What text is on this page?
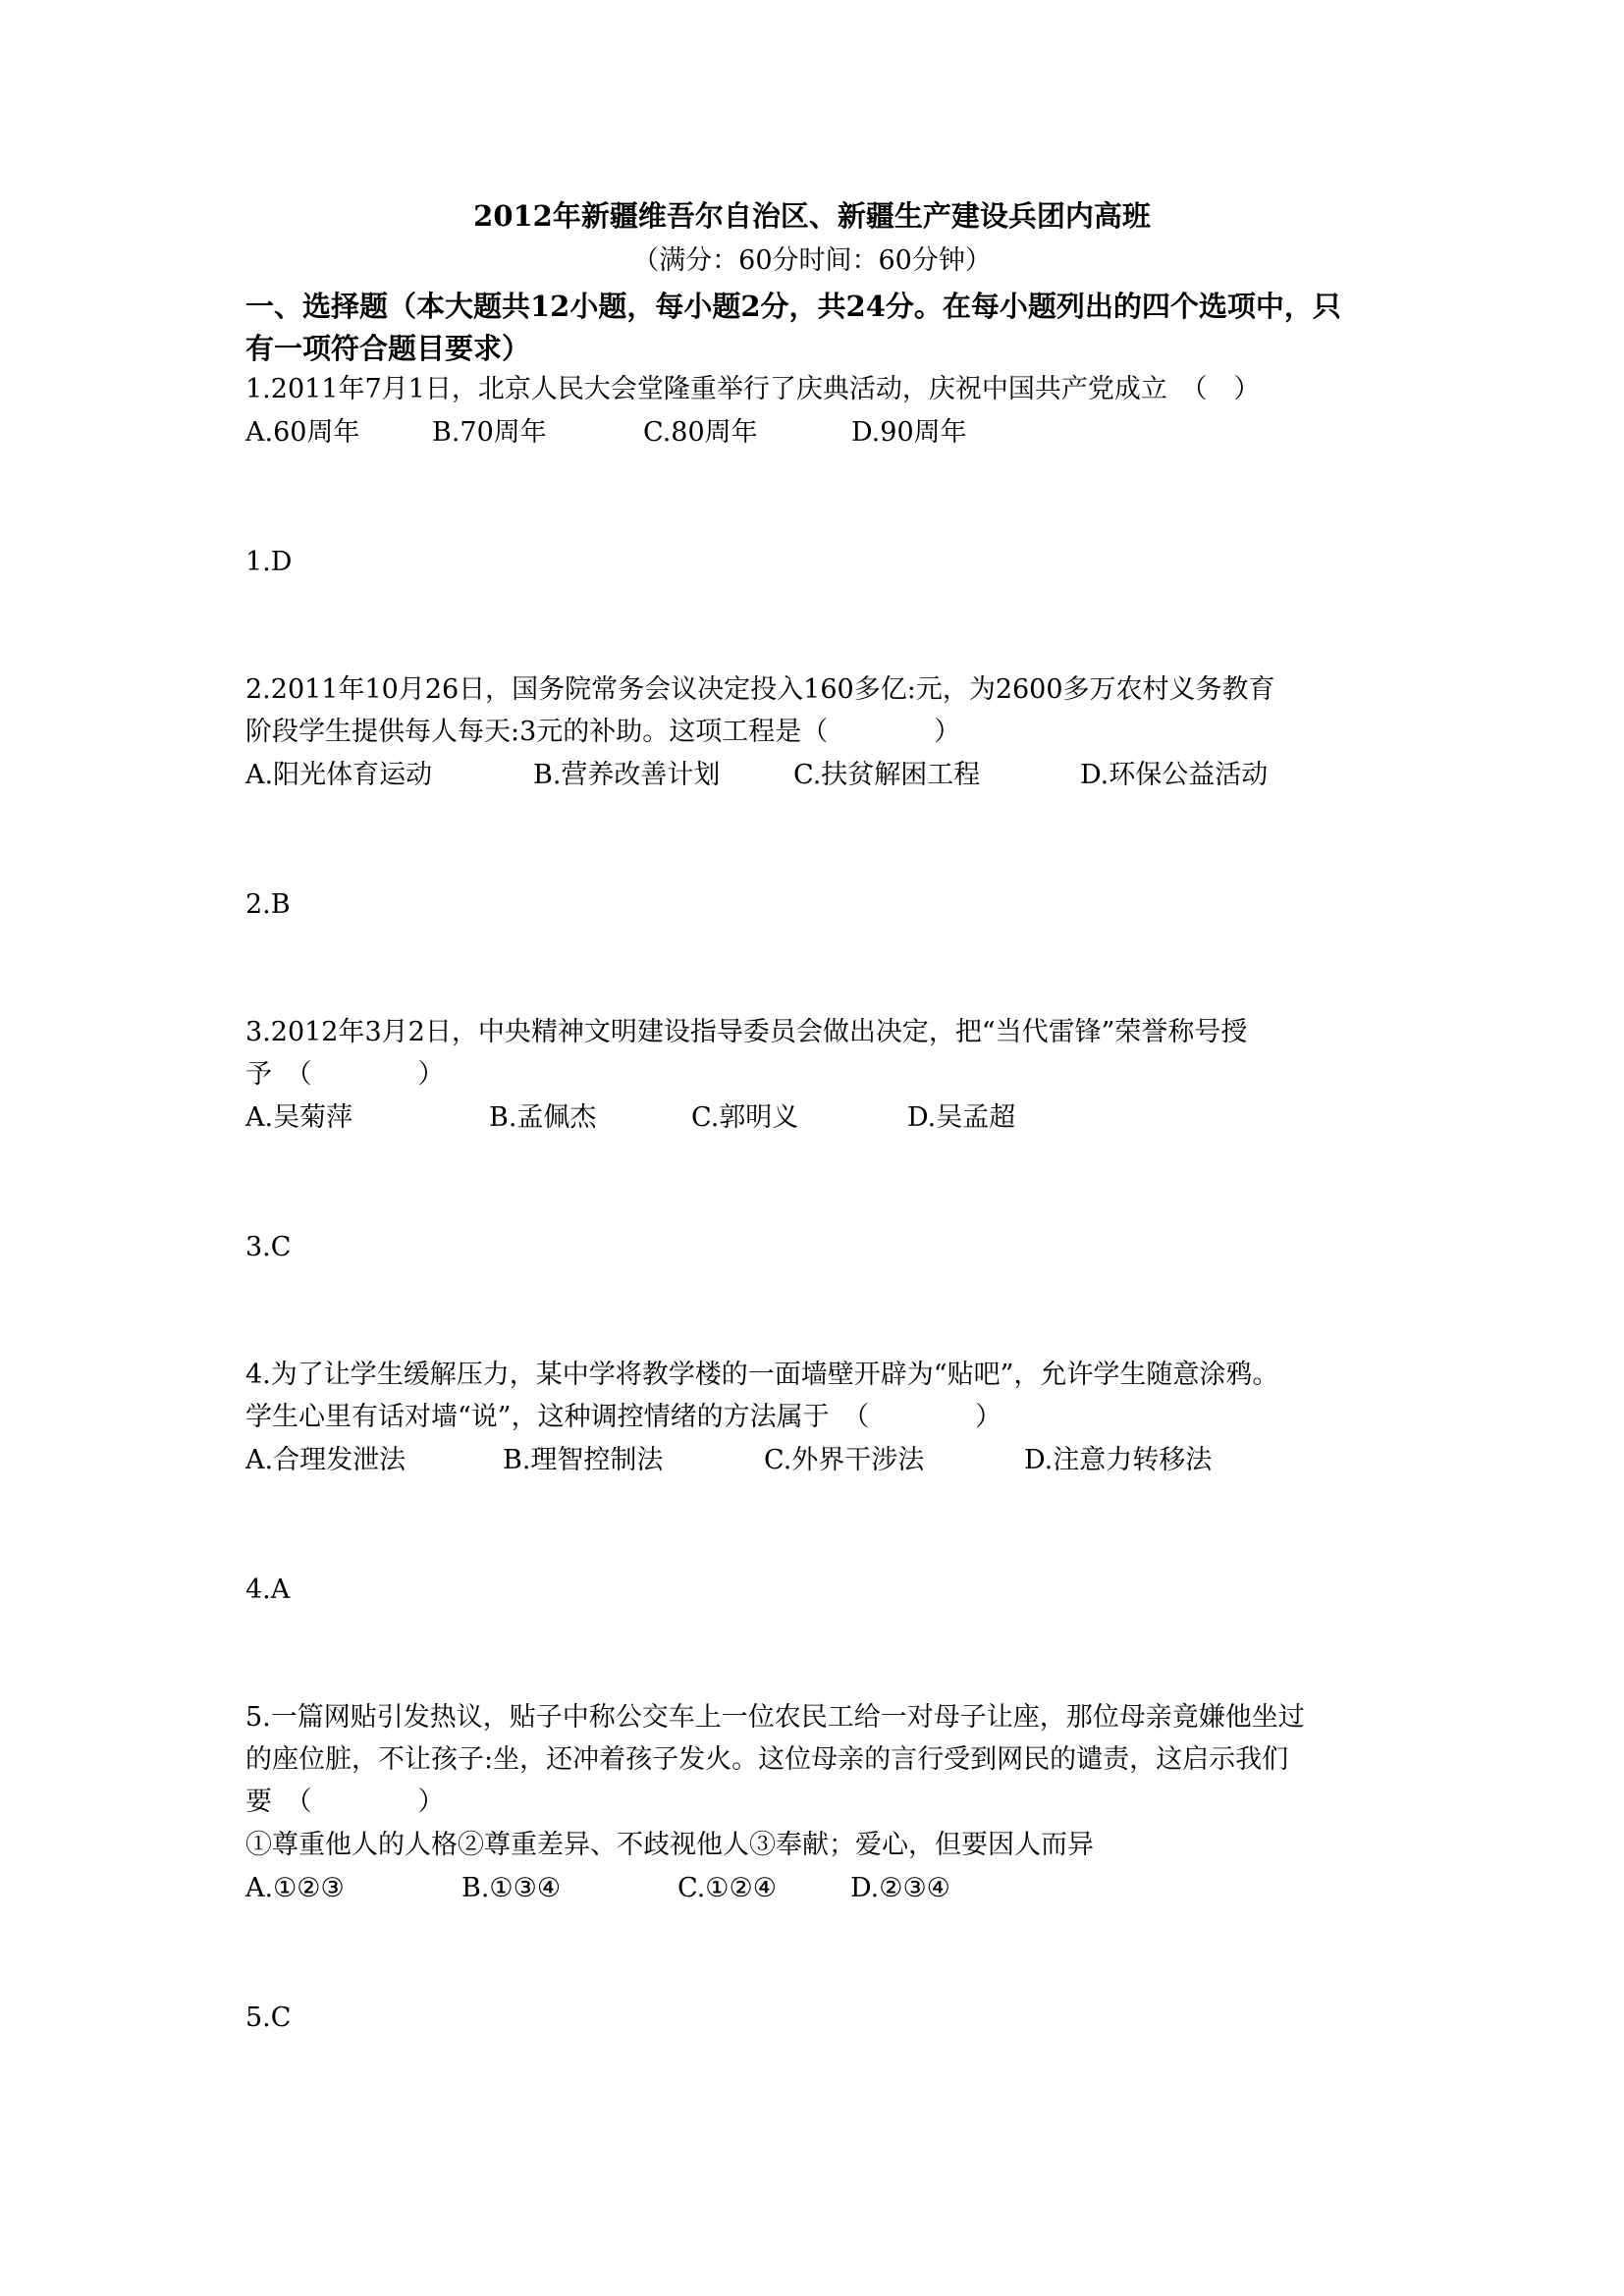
2012年新疆维吾尔自治区、新疆生产建设兵团内高班
（满分：60分时间：60分钟）
一、选择题（本大题共12小题，每小题2分，共24分。在每小题列出的四个选项中，只
有一项符合题目要求）
1.2011年7月1日，北京人民大会堂隆重举行了庆典活动，庆祝中国共产党成立　（　）
A.60周年	B.70周年	C.80周年	D.90周年
1.D
2.2011年10月26日，国务院常务会议决定投入160多亿:元，为2600多万农村义务教育
阶段学生提供每人每天:3元的补助。这项工程是（　　　　）
A.阳光体育运动	B.营养改善计划	C.扶贫解困工程	D.环保公益活动
2.B
3.2012年3月2日，中央精神文明建设指导委员会做出决定，把“当代雷锋”荣誉称号授
予　（　　　　）
A.吴菊萍	B.孟佩杰	C.郭明义	D.吴孟超
3.C
4.为了让学生缓解压力，某中学将教学楼的一面墙壁开辟为“贴吧”，允许学生随意涂鸦。
学生心里有话对墙“说”，这种调控情绪的方法属于　（　　　　）
A.合理发泄法	B.理智控制法	C.外界干涉法	D.注意力转移法
4.A
5.一篇网贴引发热议，贴子中称公交车上一位农民工给一对母子让座，那位母亲竟嫌他坐过
的座位脏，不让孩子:坐，还冲着孩子发火。这位母亲的言行受到网民的谴责，这启示我们
要　（　　　　）
①尊重他人的人格②尊重差异、不歧视他人③奉献；爱心，但要因人而异
A.①②③	B.①③④	C.①②④	D.②③④
5.C
